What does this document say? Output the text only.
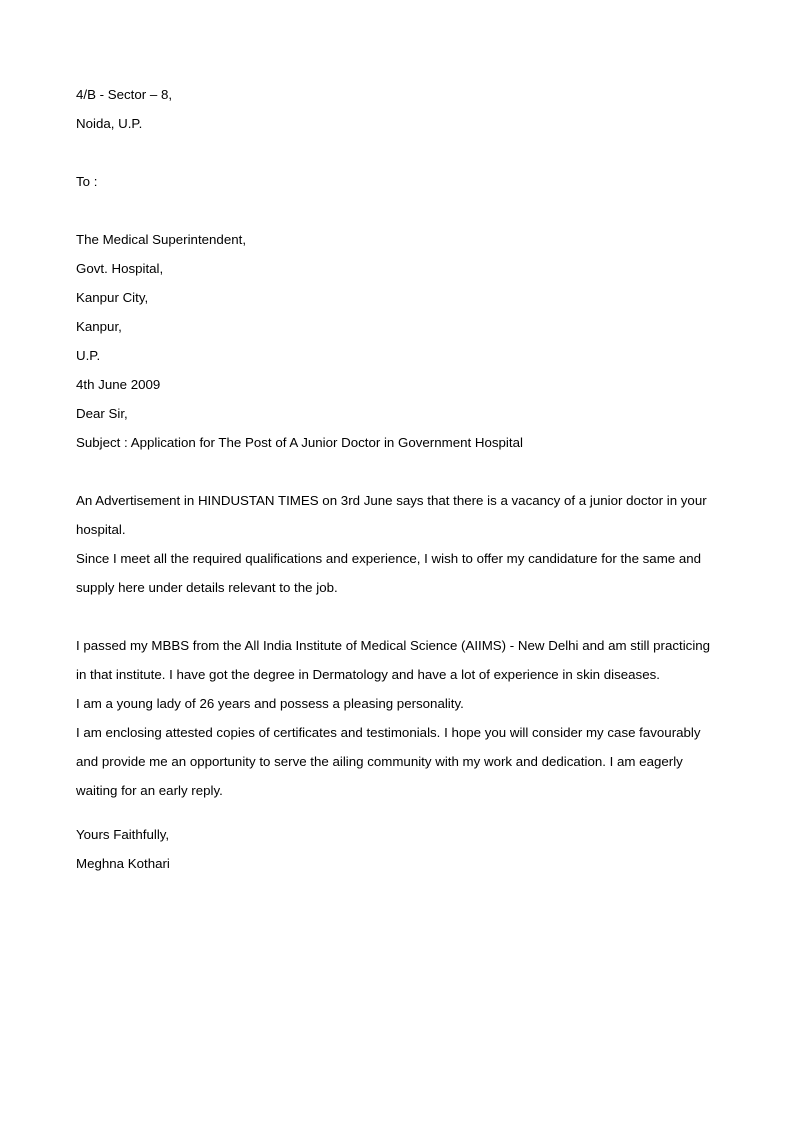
4/B - Sector – 8,
Noida, U.P.
To :
The Medical Superintendent,
Govt. Hospital,
Kanpur City,
Kanpur,
U.P.
4th June 2009
Dear Sir,
Subject : Application for The Post of A Junior Doctor in Government Hospital
An Advertisement in HINDUSTAN TIMES on 3rd June says that there is a vacancy of a junior doctor in your
hospital.
Since I meet all the required qualifications and experience, I wish to offer my candidature for the same and
supply here under details relevant to the job.
I passed my MBBS from the All India Institute of Medical Science (AIIMS) - New Delhi and am still practicing
in that institute. I have got the degree in Dermatology and have a lot of experience in skin diseases.
I am a young lady of 26 years and possess a pleasing personality.
I am enclosing attested copies of certificates and testimonials. I hope you will consider my case favourably
and provide me an opportunity to serve the ailing community with my work and dedication. I am eagerly
waiting for an early reply.
Yours Faithfully,
Meghna Kothari
